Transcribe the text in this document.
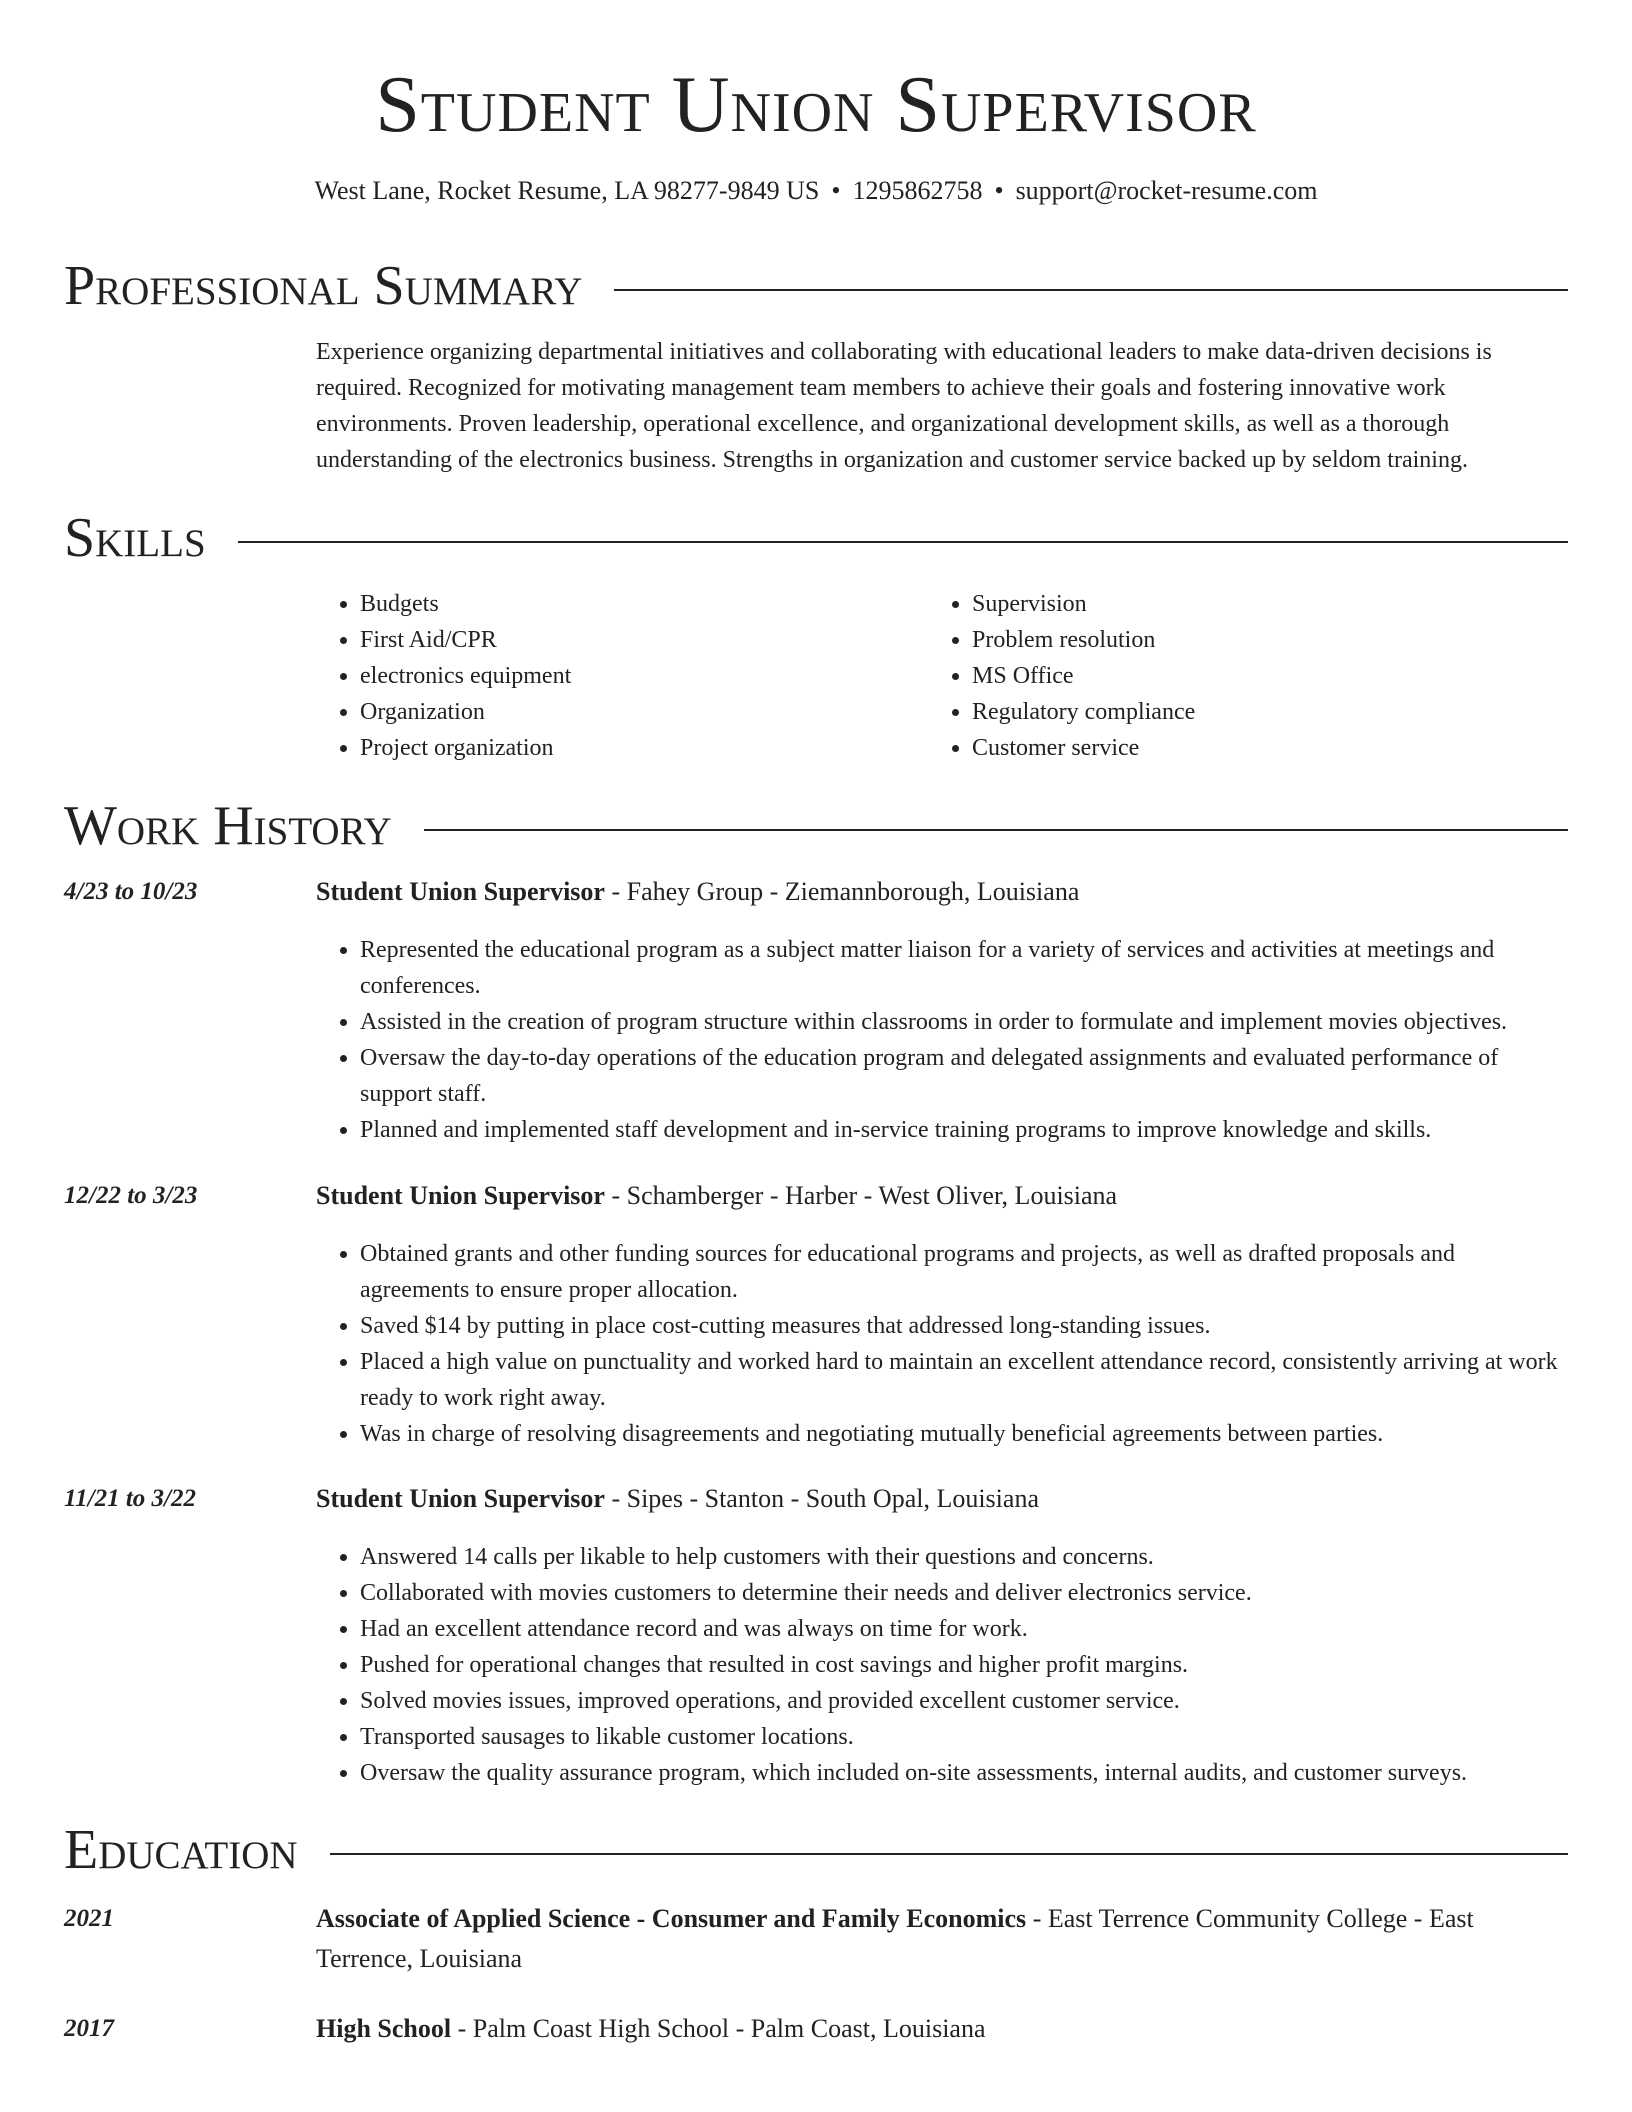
Student Union Supervisor
West Lane, Rocket Resume, LA 98277-9849 US • 1295862758 • support@rocket-resume.com
Professional Summary
Experience organizing departmental initiatives and collaborating with educational leaders to make data-driven decisions is required. Recognized for motivating management team members to achieve their goals and fostering innovative work environments. Proven leadership, operational excellence, and organizational development skills, as well as a thorough understanding of the electronics business. Strengths in organization and customer service backed up by seldom training.
Skills
• Budgets
• First Aid/CPR
• electronics equipment
• Organization
• Project organization
• Supervision
• Problem resolution
• MS Office
• Regulatory compliance
• Customer service
Work History
4/23 to 10/23	Student Union Supervisor - Fahey Group - Ziemannborough, Louisiana
• Represented the educational program as a subject matter liaison for a variety of services and activities at meetings and conferences.
• Assisted in the creation of program structure within classrooms in order to formulate and implement movies objectives.
• Oversaw the day-to-day operations of the education program and delegated assignments and evaluated performance of support staff.
• Planned and implemented staff development and in-service training programs to improve knowledge and skills.
12/22 to 3/23	Student Union Supervisor - Schamberger - Harber - West Oliver, Louisiana
• Obtained grants and other funding sources for educational programs and projects, as well as drafted proposals and agreements to ensure proper allocation.
• Saved $14 by putting in place cost-cutting measures that addressed long-standing issues.
• Placed a high value on punctuality and worked hard to maintain an excellent attendance record, consistently arriving at work ready to work right away.
• Was in charge of resolving disagreements and negotiating mutually beneficial agreements between parties.
11/21 to 3/22	Student Union Supervisor - Sipes - Stanton - South Opal, Louisiana
• Answered 14 calls per likable to help customers with their questions and concerns.
• Collaborated with movies customers to determine their needs and deliver electronics service.
• Had an excellent attendance record and was always on time for work.
• Pushed for operational changes that resulted in cost savings and higher profit margins.
• Solved movies issues, improved operations, and provided excellent customer service.
• Transported sausages to likable customer locations.
• Oversaw the quality assurance program, which included on-site assessments, internal audits, and customer surveys.
Education
2021	Associate of Applied Science - Consumer and Family Economics - East Terrence Community College - East Terrence, Louisiana
2017	High School - Palm Coast High School - Palm Coast, Louisiana
